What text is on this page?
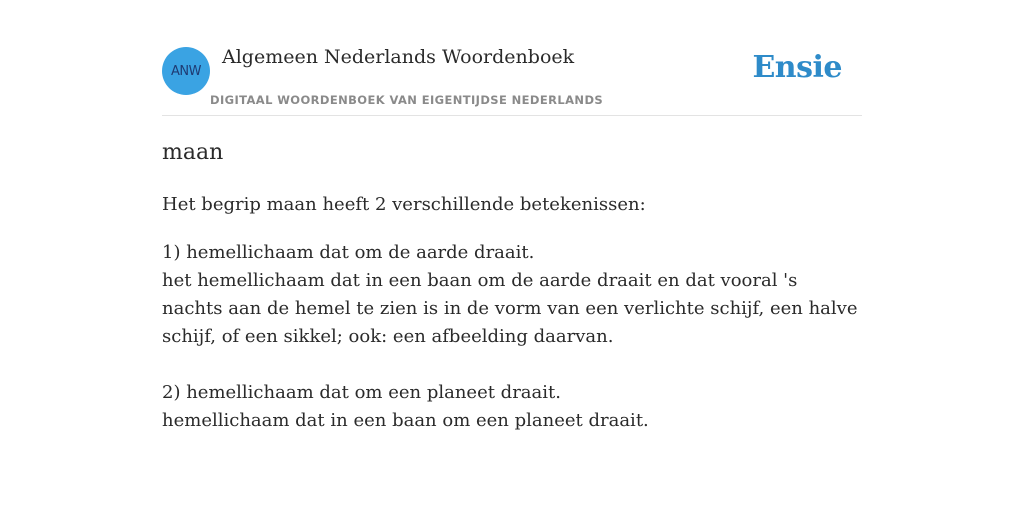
ANW
Algemeen Nederlands Woordenboek
DIGITAAL WOORDENBOEK VAN EIGENTIJDSE NEDERLANDS
Ensie
maan

Het begrip maan heeft 2 verschillende betekenissen:

1) hemellichaam dat om de aarde draait.

het hemellichaam dat in een baan om de aarde draait en dat vooral 's nachts aan de hemel te zien is in de vorm van een verlichte schijf, een halve schijf, of een sikkel; ook: een afbeelding daarvan.

2) hemellichaam dat om een planeet draait.

hemellichaam dat in een baan om een planeet draait.
